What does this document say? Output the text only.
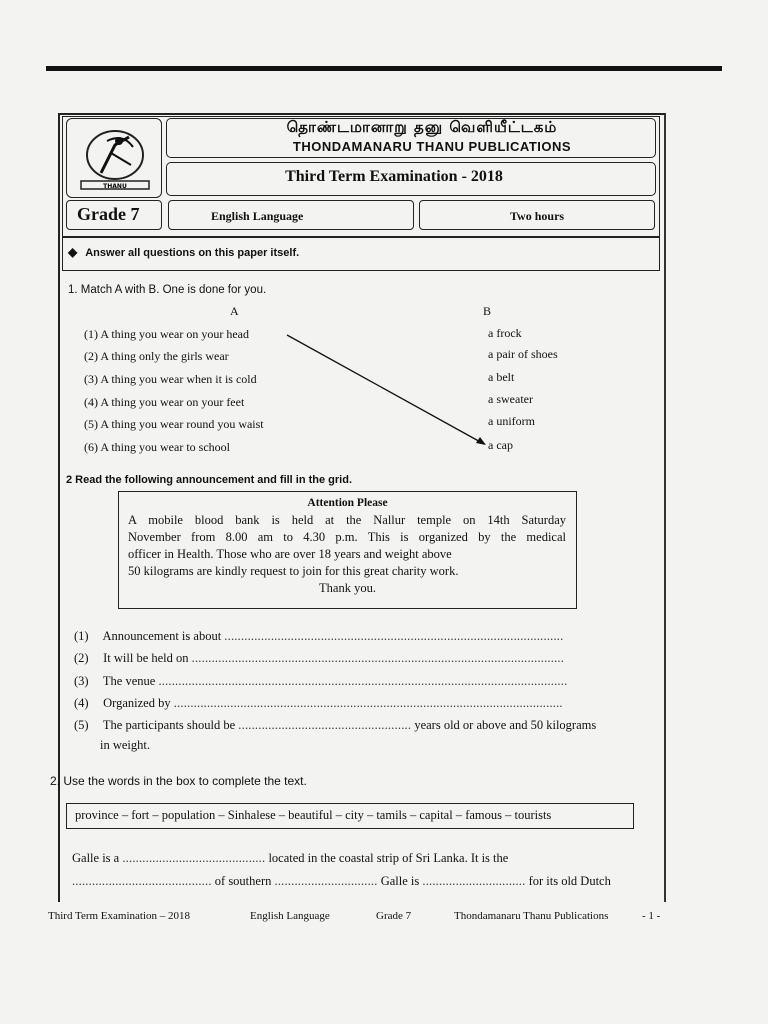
THANU
தொண்டமானாறு தனு வெளியீட்டகம்
THONDAMANARU THANU PUBLICATIONS
Third Term Examination - 2018
Grade 7	English Language	Two hours
◆ Answer all questions on this paper itself.
1. Match A with B. One is done for you.
A	B
(1) A thing you wear on your head
(2) A thing only the girls wear
(3) A thing you wear when it is cold
(4) A thing you wear on your feet
(5) A thing you wear round you waist
(6) A thing you wear to school
a frock
a pair of shoes
a belt
a sweater
a uniform
a cap
2 Read the following announcement and fill in the grid.
Attention Please
A mobile blood bank is held at the Nallur temple on 14th Saturday
November from 8.00 am to 4.30 p.m. This is organized by the medical
officer in Health. Those who are over 18 years and weight above
50 kilograms are kindly request to join for this great charity work.
Thank you.
(1) Announcement is about ......................................................................................................
(2) It will be held on ................................................................................................................
(3) The venue ...........................................................................................................................
(4) Organized by .....................................................................................................................
(5) The participants should be .................................................... years old or above and 50 kilograms
in weight.
2. Use the words in the box to complete the text.
province – fort – population – Sinhalese – beautiful – city – tamils – capital – famous – tourists
Galle is a ........................................... located in the coastal strip of Sri Lanka. It is the
.......................................... of southern ............................... Galle is ............................... for its old Dutch
Third Term Examination – 2018	English Language	Grade 7	Thondamanaru Thanu Publications	- 1 -
